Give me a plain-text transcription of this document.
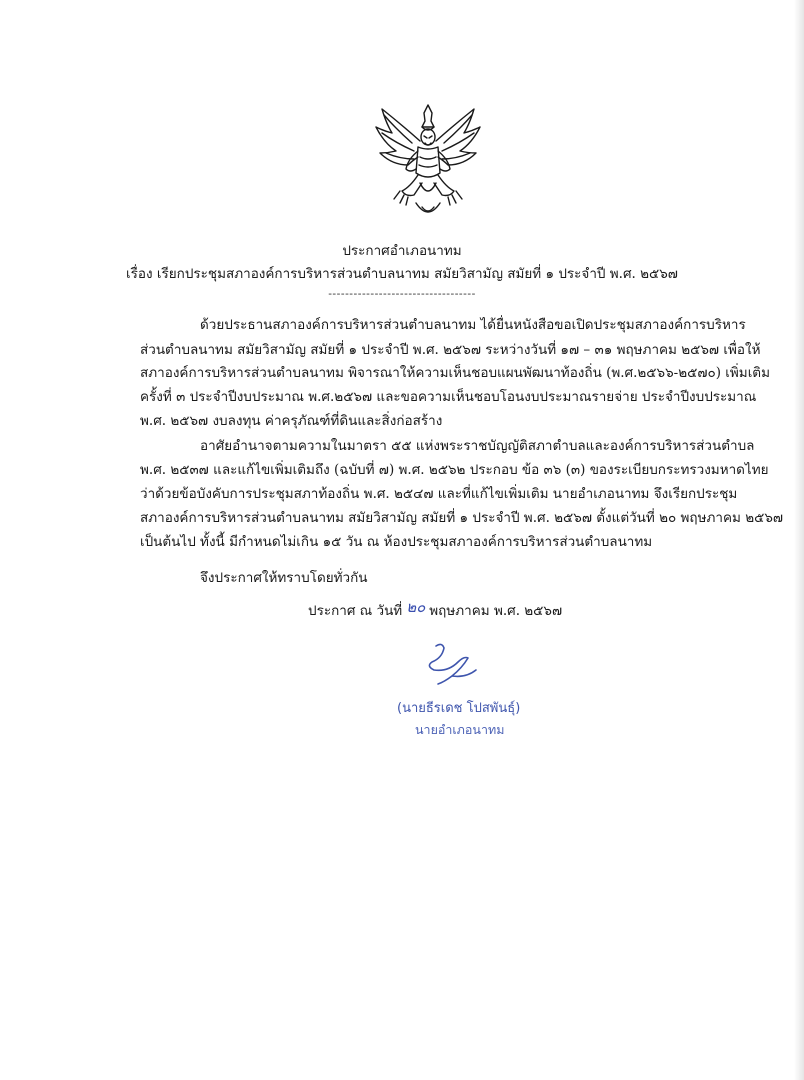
ประกาศอำเภอนาทม
เรื่อง เรียกประชุมสภาองค์การบริหารส่วนตำบลนาทม สมัยวิสามัญ สมัยที่ ๑ ประจำปี พ.ศ. ๒๕๖๗
-----------------------------------
ด้วยประธานสภาองค์การบริหารส่วนตำบลนาทม ได้ยื่นหนังสือขอเปิดประชุมสภาองค์การบริหาร
ส่วนตำบลนาทม สมัยวิสามัญ สมัยที่ ๑ ประจำปี พ.ศ. ๒๕๖๗ ระหว่างวันที่ ๑๗ – ๓๑ พฤษภาคม ๒๕๖๗ เพื่อให้
สภาองค์การบริหารส่วนตำบลนาทม พิจารณาให้ความเห็นชอบแผนพัฒนาท้องถิ่น (พ.ศ.๒๕๖๖-๒๕๗๐) เพิ่มเติม
ครั้งที่ ๓ ประจำปีงบประมาณ พ.ศ.๒๕๖๗ และขอความเห็นชอบโอนงบประมาณรายจ่าย ประจำปีงบประมาณ
พ.ศ. ๒๕๖๗ งบลงทุน ค่าครุภัณฑ์ที่ดินและสิ่งก่อสร้าง
อาศัยอำนาจตามความในมาตรา ๕๕ แห่งพระราชบัญญัติสภาตำบลและองค์การบริหารส่วนตำบล
พ.ศ. ๒๕๓๗ และแก้ไขเพิ่มเติมถึง (ฉบับที่ ๗) พ.ศ. ๒๕๖๒ ประกอบ ข้อ ๓๖ (๓) ของระเบียบกระทรวงมหาดไทย
ว่าด้วยข้อบังคับการประชุมสภาท้องถิ่น พ.ศ. ๒๕๔๗ และที่แก้ไขเพิ่มเติม นายอำเภอนาทม จึงเรียกประชุม
สภาองค์การบริหารส่วนตำบลนาทม สมัยวิสามัญ สมัยที่ ๑ ประจำปี พ.ศ. ๒๕๖๗ ตั้งแต่วันที่ ๒๐ พฤษภาคม ๒๕๖๗
เป็นต้นไป ทั้งนี้ มีกำหนดไม่เกิน ๑๕ วัน ณ ห้องประชุมสภาองค์การบริหารส่วนตำบลนาทม
จึงประกาศให้ทราบโดยทั่วกัน
ประกาศ ณ วันที่ ๒๐ พฤษภาคม พ.ศ. ๒๕๖๗
(นายธีรเดช โปสพันธุ์)
นายอำเภอนาทม
